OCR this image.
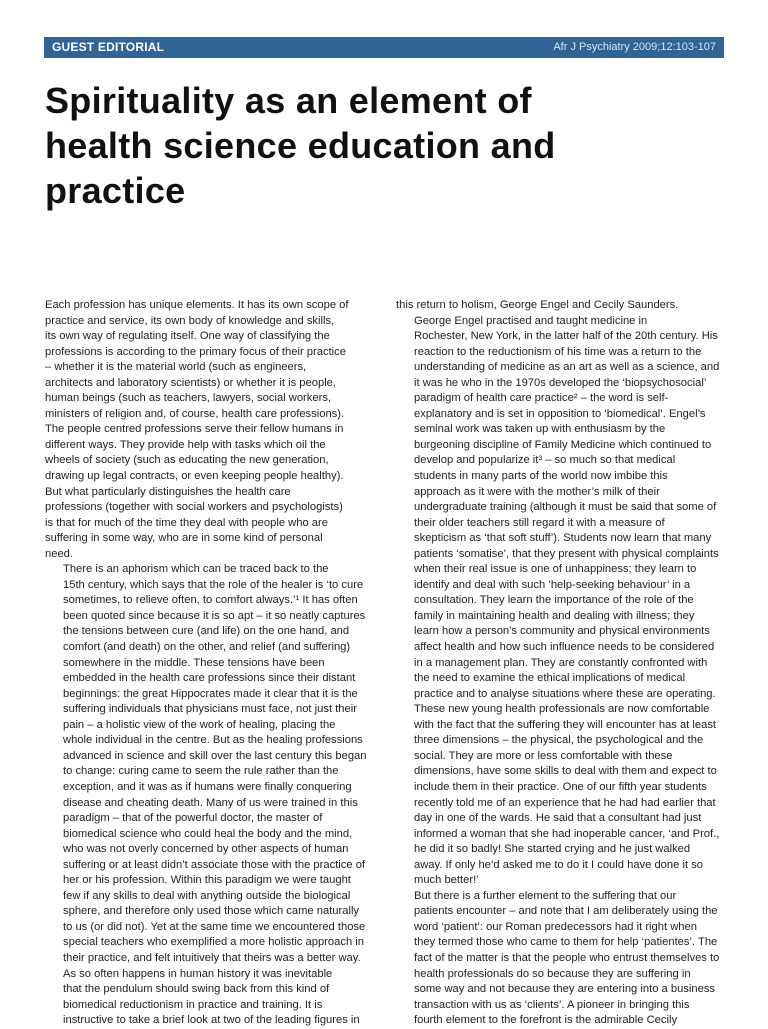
GUEST EDITORIAL	Afr J Psychiatry 2009;12:103-107
Spirituality as an element of
health science education and
practice

Each profession has unique elements. It has its own scope of
practice and service, its own body of knowledge and skills,
its own way of regulating itself. One way of classifying the
professions is according to the primary focus of their practice
– whether it is the material world (such as engineers,
architects and laboratory scientists) or whether it is people,
human beings (such as teachers, lawyers, social workers,
ministers of religion and, of course, health care professions).
The people centred professions serve their fellow humans in
different ways. They provide help with tasks which oil the
wheels of society (such as educating the new generation,
drawing up legal contracts, or even keeping people healthy).
But what particularly distinguishes the health care
professions (together with social workers and psychologists)
is that for much of the time they deal with people who are
suffering in some way, who are in some kind of personal
need.

There is an aphorism which can be traced back to the
15th century, which says that the role of the healer is ‘to cure
sometimes, to relieve often, to comfort always.’¹ It has often
been quoted since because it is so apt – it so neatly captures
the tensions between cure (and life) on the one hand, and
comfort (and death) on the other, and relief (and suffering)
somewhere in the middle. These tensions have been
embedded in the health care professions since their distant
beginnings: the great Hippocrates made it clear that it is the
suffering individuals that physicians must face, not just their
pain – a holistic view of the work of healing, placing the
whole individual in the centre. But as the healing professions
advanced in science and skill over the last century this began
to change: curing came to seem the rule rather than the
exception, and it was as if humans were finally conquering
disease and cheating death. Many of us were trained in this
paradigm – that of the powerful doctor, the master of
biomedical science who could heal the body and the mind,
who was not overly concerned by other aspects of human
suffering or at least didn’t associate those with the practice of
her or his profession. Within this paradigm we were taught
few if any skills to deal with anything outside the biological
sphere, and therefore only used those which came naturally
to us (or did not). Yet at the same time we encountered those
special teachers who exemplified a more holistic approach in
their practice, and felt intuitively that theirs was a better way.

As so often happens in human history it was inevitable
that the pendulum should swing back from this kind of
biomedical reductionism in practice and training. It is
instructive to take a brief look at two of the leading figures in

this return to holism, George Engel and Cecily Saunders.

George Engel practised and taught medicine in
Rochester, New York, in the latter half of the 20th century. His
reaction to the reductionism of his time was a return to the
understanding of medicine as an art as well as a science, and
it was he who in the 1970s developed the ‘biopsychosocial’
paradigm of health care practice² – the word is self-
explanatory and is set in opposition to ‘biomedical’. Engel’s
seminal work was taken up with enthusiasm by the
burgeoning discipline of Family Medicine which continued to
develop and popularize it³ – so much so that medical
students in many parts of the world now imbibe this
approach as it were with the mother’s milk of their
undergraduate training (although it must be said that some of
their older teachers still regard it with a measure of
skepticism as ‘that soft stuff’). Students now learn that many
patients ‘somatise’, that they present with physical complaints
when their real issue is one of unhappiness; they learn to
identify and deal with such ‘help-seeking behaviour’ in a
consultation. They learn the importance of the role of the
family in maintaining health and dealing with illness; they
learn how a person’s community and physical environments
affect health and how such influence needs to be considered
in a management plan. They are constantly confronted with
the need to examine the ethical implications of medical
practice and to analyse situations where these are operating.
These new young health professionals are now comfortable
with the fact that the suffering they will encounter has at least
three dimensions – the physical, the psychological and the
social. They are more or less comfortable with these
dimensions, have some skills to deal with them and expect to
include them in their practice. One of our fifth year students
recently told me of an experience that he had had earlier that
day in one of the wards. He said that a consultant had just
informed a woman that she had inoperable cancer, ‘and Prof.,
he did it so badly! She started crying and he just walked
away. If only he’d asked me to do it I could have done it so
much better!’

But there is a further element to the suffering that our
patients encounter – and note that I am deliberately using the
word ‘patient’: our Roman predecessors had it right when
they termed those who came to them for help ‘patientes’. The
fact of the matter is that the people who entrust themselves to
health professionals do so because they are suffering in
some way and not because they are entering into a business
transaction with us as ‘clients’. A pioneer in bringing this
fourth element to the forefront is the admirable Cecily
